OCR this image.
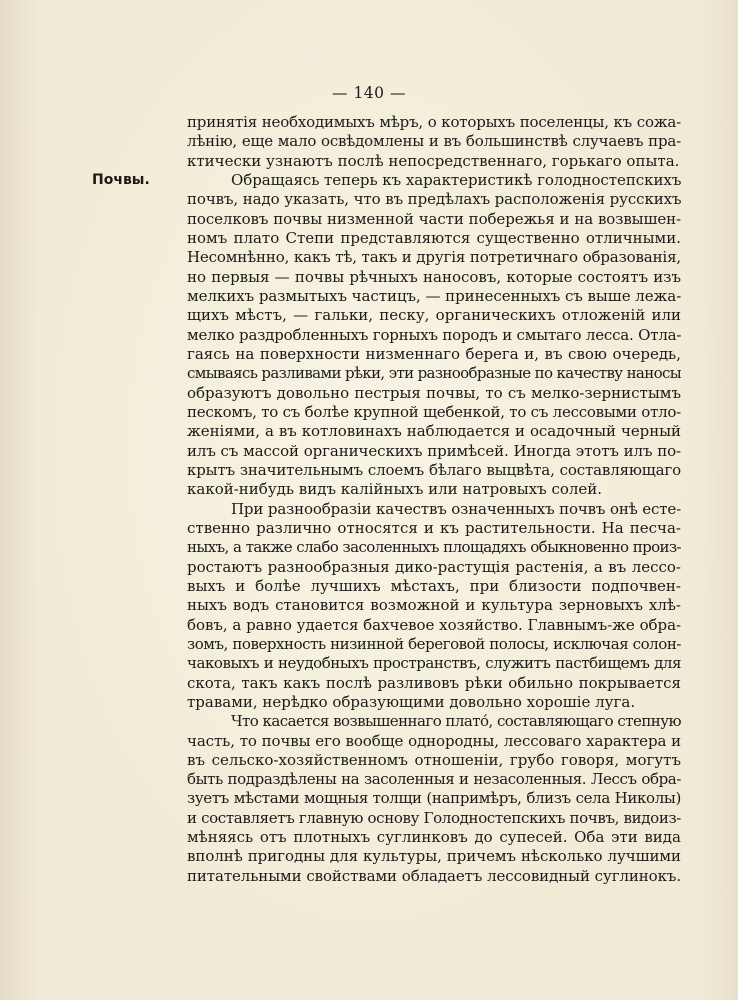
— 140 —
Почвы.
принятія необходимыхъ мѣръ, о которыхъ поселенцы, къ сожа-
лѣнію, еще мало освѣдомлены и въ большинствѣ случаевъ пра-
ктически узнаютъ послѣ непосредственнаго, горькаго опыта.
Обращаясь теперь къ характеристикѣ голодностепскихъ
почвъ, надо указать, что въ предѣлахъ расположенія русскихъ
поселковъ почвы низменной части побережья и на возвышен-
номъ плато Степи представляются существенно отличными.
Несомнѣнно, какъ тѣ, такъ и другія потретичнаго образованія,
но первыя — почвы рѣчныхъ наносовъ, которые состоятъ изъ
мелкихъ размытыхъ частицъ, — принесенныхъ съ выше лежа-
щихъ мѣстъ, — гальки, песку, органическихъ отложеній или
мелко раздробленныхъ горныхъ породъ и смытаго лесса. Отла-
гаясь на поверхности низменнаго берега и, въ свою очередь,
смываясь разливами рѣки, эти разнообразные по качеству наносы
образуютъ довольно пестрыя почвы, то съ мелко-зернистымъ
пескомъ, то съ болѣе крупной щебенкой, то съ лессовыми отло-
женіями, а въ котловинахъ наблюдается и осадочный черный
илъ съ массой органическихъ примѣсей. Иногда этотъ илъ по-
крытъ значительнымъ слоемъ бѣлаго выцвѣта, составляющаго
какой-нибудь видъ калійныхъ или натровыхъ солей.
При разнообразіи качествъ означенныхъ почвъ онѣ есте-
ственно различно относятся и къ растительности. На песча-
ныхъ, а также слабо засоленныхъ площадяхъ обыкновенно произ-
ростаютъ разнообразныя дико-растущія растенія, а въ лессо-
выхъ и болѣе лучшихъ мѣстахъ, при близости подпочвен-
ныхъ водъ становится возможной и культура зерновыхъ хлѣ-
бовъ, а равно удается бахчевое хозяйство. Главнымъ-же обра-
зомъ, поверхность низинной береговой полосы, исключая солон-
чаковыхъ и неудобныхъ пространствъ, служитъ пастбищемъ для
скота, такъ какъ послѣ разливовъ рѣки обильно покрывается
травами, нерѣдко образующими довольно хорошіе луга.
Что касается возвышеннаго плато́, составляющаго степную
часть, то почвы его вообще однородны, лессоваго характера и
въ сельско-хозяйственномъ отношеніи, грубо говоря, могутъ
быть подраздѣлены на засоленныя и незасоленныя. Лессъ обра-
зуетъ мѣстами мощныя толщи (напримѣръ, близъ села Николы)
и составляетъ главную основу Голодностепскихъ почвъ, видоиз-
мѣняясь отъ плотныхъ суглинковъ до супесей. Оба эти вида
вполнѣ пригодны для культуры, причемъ нѣсколько лучшими
питательными свойствами обладаетъ лессовидный суглинокъ.
